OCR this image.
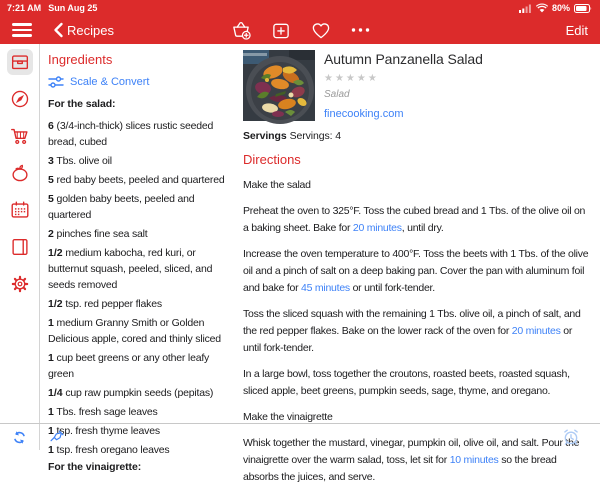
7:21 AM Sun Aug 25	80%
Recipes	Edit
Ingredients
Scale & Convert
For the salad:
6 (3/4-inch-thick) slices rustic seeded bread, cubed
3 Tbs. olive oil
5 red baby beets, peeled and quartered
5 golden baby beets, peeled and quartered
2 pinches fine sea salt
1/2 medium kabocha, red kuri, or butternut squash, peeled, sliced, and seeds removed
1/2 tsp. red pepper flakes
1 medium Granny Smith or Golden Delicious apple, cored and thinly sliced
1 cup beet greens or any other leafy green
1/4 cup raw pumpkin seeds (pepitas)
1 Tbs. fresh sage leaves
1 tsp. fresh thyme leaves
1 tsp. fresh oregano leaves
For the vinaigrette:
Autumn Panzanella Salad
★★★★★
Salad
finecooking.com
Servings Servings: 4
Directions
Make the salad
Preheat the oven to 325°F. Toss the cubed bread and 1 Tbs. of the olive oil on a baking sheet. Bake for 20 minutes, until dry.
Increase the oven temperature to 400°F. Toss the beets with 1 Tbs. of the olive oil and a pinch of salt on a deep baking pan. Cover the pan with aluminum foil and bake for 45 minutes or until fork-tender.
Toss the sliced squash with the remaining 1 Tbs. olive oil, a pinch of salt, and the red pepper flakes. Bake on the lower rack of the oven for 20 minutes or until fork-tender.
In a large bowl, toss together the croutons, roasted beets, roasted squash, sliced apple, beet greens, pumpkin seeds, sage, thyme, and oregano.
Make the vinaigrette
Whisk together the mustard, vinegar, pumpkin oil, olive oil, and salt. Pour the vinaigrette over the warm salad, toss, let sit for 10 minutes so the bread absorbs the juices, and serve.
